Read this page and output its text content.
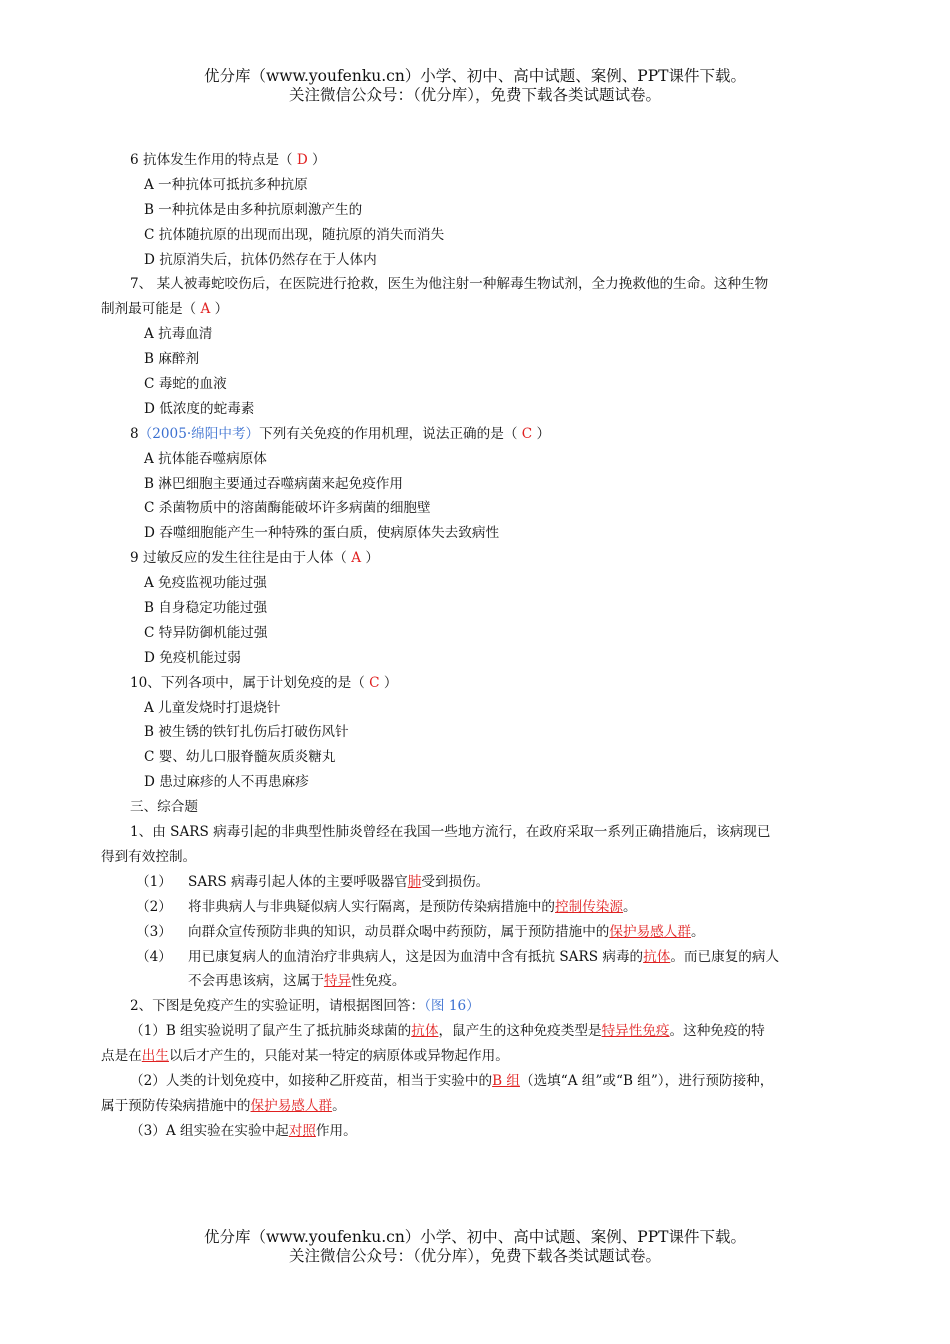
优分库（www.youfenku.cn）小学、初中、高中试题、案例、PPT课件下载。
关注微信公众号：（优分库），免费下载各类试题试卷。
6 抗体发生作用的特点是（ D ）
A 一种抗体可抵抗多种抗原
B 一种抗体是由多种抗原刺激产生的
C 抗体随抗原的出现而出现，随抗原的消失而消失
D 抗原消失后，抗体仍然存在于人体内
7、 某人被毒蛇咬伤后，在医院进行抢救，医生为他注射一种解毒生物试剂，全力挽救他的生命。这种生物
制剂最可能是（ A ）
A 抗毒血清
B 麻醉剂
C 毒蛇的血液
D 低浓度的蛇毒素
8（2005·绵阳中考）下列有关免疫的作用机理，说法正确的是（ C ）
A 抗体能吞噬病原体
B 淋巴细胞主要通过吞噬病菌来起免疫作用
C 杀菌物质中的溶菌酶能破坏许多病菌的细胞壁
D 吞噬细胞能产生一种特殊的蛋白质，使病原体失去致病性
9 过敏反应的发生往往是由于人体（ A ）
A 免疫监视功能过强
B 自身稳定功能过强
C 特异防御机能过强
D 免疫机能过弱
10、下列各项中，属于计划免疫的是（ C ）
A 儿童发烧时打退烧针
B 被生锈的铁钉扎伤后打破伤风针
C 婴、幼儿口服脊髓灰质炎糖丸
D 患过麻疹的人不再患麻疹
三、综合题
1、由 SARS 病毒引起的非典型性肺炎曾经在我国一些地方流行，在政府采取一系列正确措施后，该病现已
得到有效控制。
（1）	SARS 病毒引起人体的主要呼吸器官肺受到损伤。
（2）	将非典病人与非典疑似病人实行隔离，是预防传染病措施中的控制传染源。
（3）	向群众宣传预防非典的知识，动员群众喝中药预防，属于预防措施中的保护易感人群。
（4）	用已康复病人的血清治疗非典病人，这是因为血清中含有抵抗 SARS 病毒的抗体。而已康复的病人
不会再患该病，这属于特异性免疫。
2、下图是免疫产生的实验证明，请根据图回答：（图 16）
（1）B 组实验说明了鼠产生了抵抗肺炎球菌的抗体，鼠产生的这种免疫类型是特异性免疫。这种免疫的特
点是在出生以后才产生的，只能对某一特定的病原体或异物起作用。
（2）人类的计划免疫中，如接种乙肝疫苗，相当于实验中的B 组（选填“A 组”或“B 组”），进行预防接种，
属于预防传染病措施中的保护易感人群。
（3）A 组实验在实验中起对照作用。
优分库（www.youfenku.cn）小学、初中、高中试题、案例、PPT课件下载。
关注微信公众号：（优分库），免费下载各类试题试卷。
